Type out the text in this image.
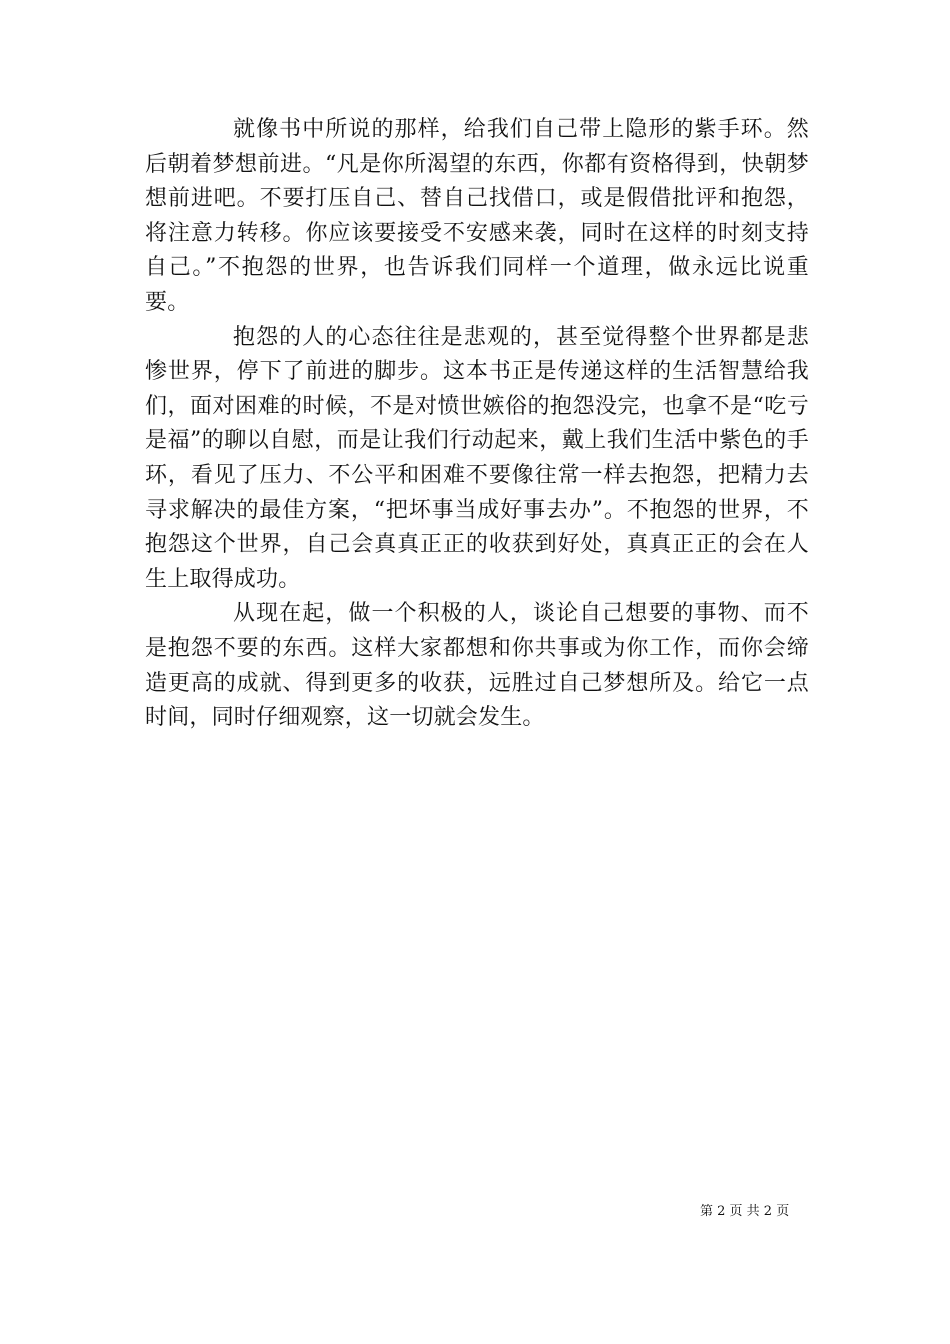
就像书中所说的那样，给我们自己带上隐形的紫手环。然后朝着梦想前进。“凡是你所渴望的东西，你都有资格得到，快朝梦想前进吧。不要打压自己、替自己找借口，或是假借批评和抱怨，将注意力转移。你应该要接受不安感来袭，同时在这样的时刻支持自己。”不抱怨的世界，也告诉我们同样一个道理，做永远比说重要。

抱怨的人的心态往往是悲观的，甚至觉得整个世界都是悲惨世界，停下了前进的脚步。这本书正是传递这样的生活智慧给我们，面对困难的时候，不是对愤世嫉俗的抱怨没完，也拿不是“吃亏是福”的聊以自慰，而是让我们行动起来，戴上我们生活中紫色的手环，看见了压力、不公平和困难不要像往常一样去抱怨，把精力去寻求解决的最佳方案，“把坏事当成好事去办”。不抱怨的世界，不抱怨这个世界，自己会真真正正的收获到好处，真真正正的会在人生上取得成功。

从现在起，做一个积极的人，谈论自己想要的事物、而不是抱怨不要的东西。这样大家都想和你共事或为你工作，而你会缔造更高的成就、得到更多的收获，远胜过自己梦想所及。给它一点时间，同时仔细观察，这一切就会发生。

第 2 页 共 2 页
